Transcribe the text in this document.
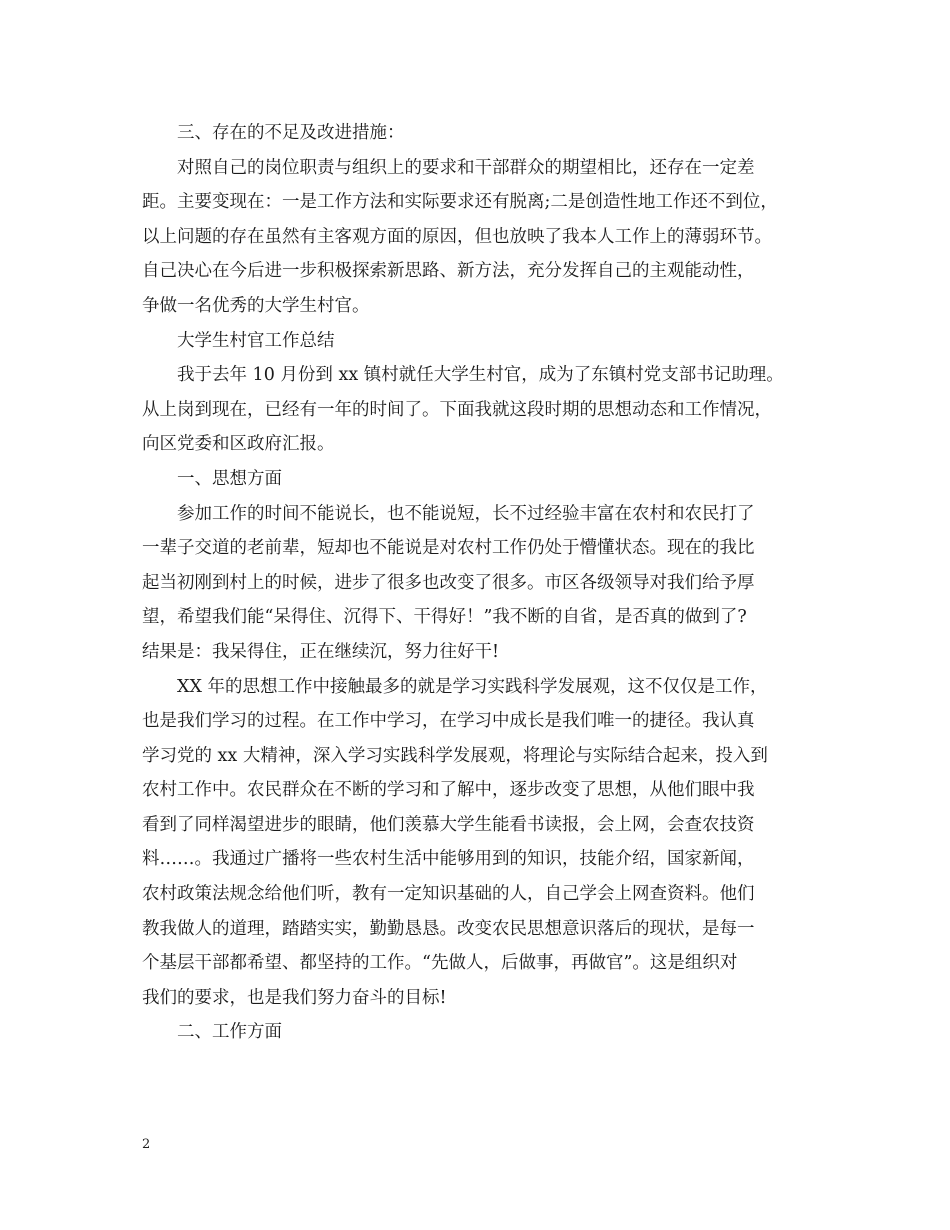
三、存在的不足及改进措施：
对照自己的岗位职责与组织上的要求和干部群众的期望相比，还存在一定差
距。主要变现在：一是工作方法和实际要求还有脱离;二是创造性地工作还不到位，
以上问题的存在虽然有主客观方面的原因，但也放映了我本人工作上的薄弱环节。
自己决心在今后进一步积极探索新思路、新方法，充分发挥自己的主观能动性，
争做一名优秀的大学生村官。
大学生村官工作总结
我于去年 10 月份到 xx 镇村就任大学生村官，成为了东镇村党支部书记助理。
从上岗到现在，已经有一年的时间了。下面我就这段时期的思想动态和工作情况，
向区党委和区政府汇报。
一、思想方面
参加工作的时间不能说长，也不能说短，长不过经验丰富在农村和农民打了
一辈子交道的老前辈，短却也不能说是对农村工作仍处于懵懂状态。现在的我比
起当初刚到村上的时候，进步了很多也改变了很多。市区各级领导对我们给予厚
望，希望我们能“呆得住、沉得下、干得好！”我不断的自省，是否真的做到了?
结果是：我呆得住，正在继续沉，努力往好干!
XX 年的思想工作中接触最多的就是学习实践科学发展观，这不仅仅是工作，
也是我们学习的过程。在工作中学习，在学习中成长是我们唯一的捷径。我认真
学习党的 xx 大精神，深入学习实践科学发展观，将理论与实际结合起来，投入到
农村工作中。农民群众在不断的学习和了解中，逐步改变了思想，从他们眼中我
看到了同样渴望进步的眼睛，他们羡慕大学生能看书读报，会上网，会查农技资
料……。我通过广播将一些农村生活中能够用到的知识，技能介绍，国家新闻，
农村政策法规念给他们听，教有一定知识基础的人，自己学会上网查资料。他们
教我做人的道理，踏踏实实，勤勤恳恳。改变农民思想意识落后的现状，是每一
个基层干部都希望、都坚持的工作。“先做人，后做事，再做官”。这是组织对
我们的要求，也是我们努力奋斗的目标!
二、工作方面
2
